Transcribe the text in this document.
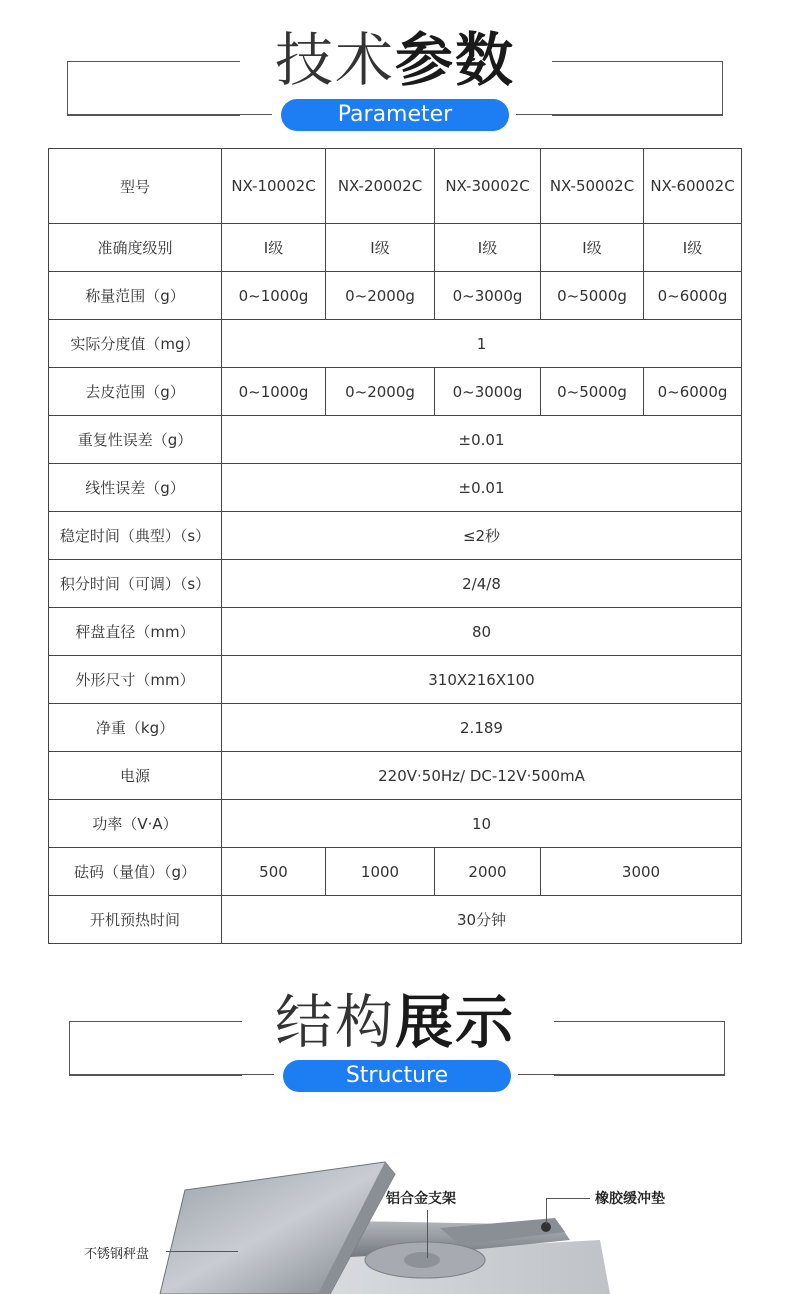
技术参数
Parameter
型号	NX-10002C	NX-20002C	NX-30002C	NX-50002C	NX-60002C
准确度级别	I级	I级	I级	I级	I级
称量范围（g）	0~1000g	0~2000g	0~3000g	0~5000g	0~6000g
实际分度值（mg）	1				
去皮范围（g）	0~1000g	0~2000g	0~3000g	0~5000g	0~6000g
重复性误差（g）	±0.01				
线性误差（g）	±0.01				
稳定时间（典型）（s）	≤2秒				
积分时间（可调）（s）	2/4/8				
秤盘直径（mm）	80				
外形尺寸（mm）	310X216X100				
净重（kg）	2.189				
电源	220V·50Hz/ DC-12V·500mA				
功率（V·A）	10				
砝码（量值）（g）	500	1000	2000	3000	
开机预热时间	30分钟				
结构展示
Structure
铝合金支架	橡胶缓冲垫
不锈钢秤盘
